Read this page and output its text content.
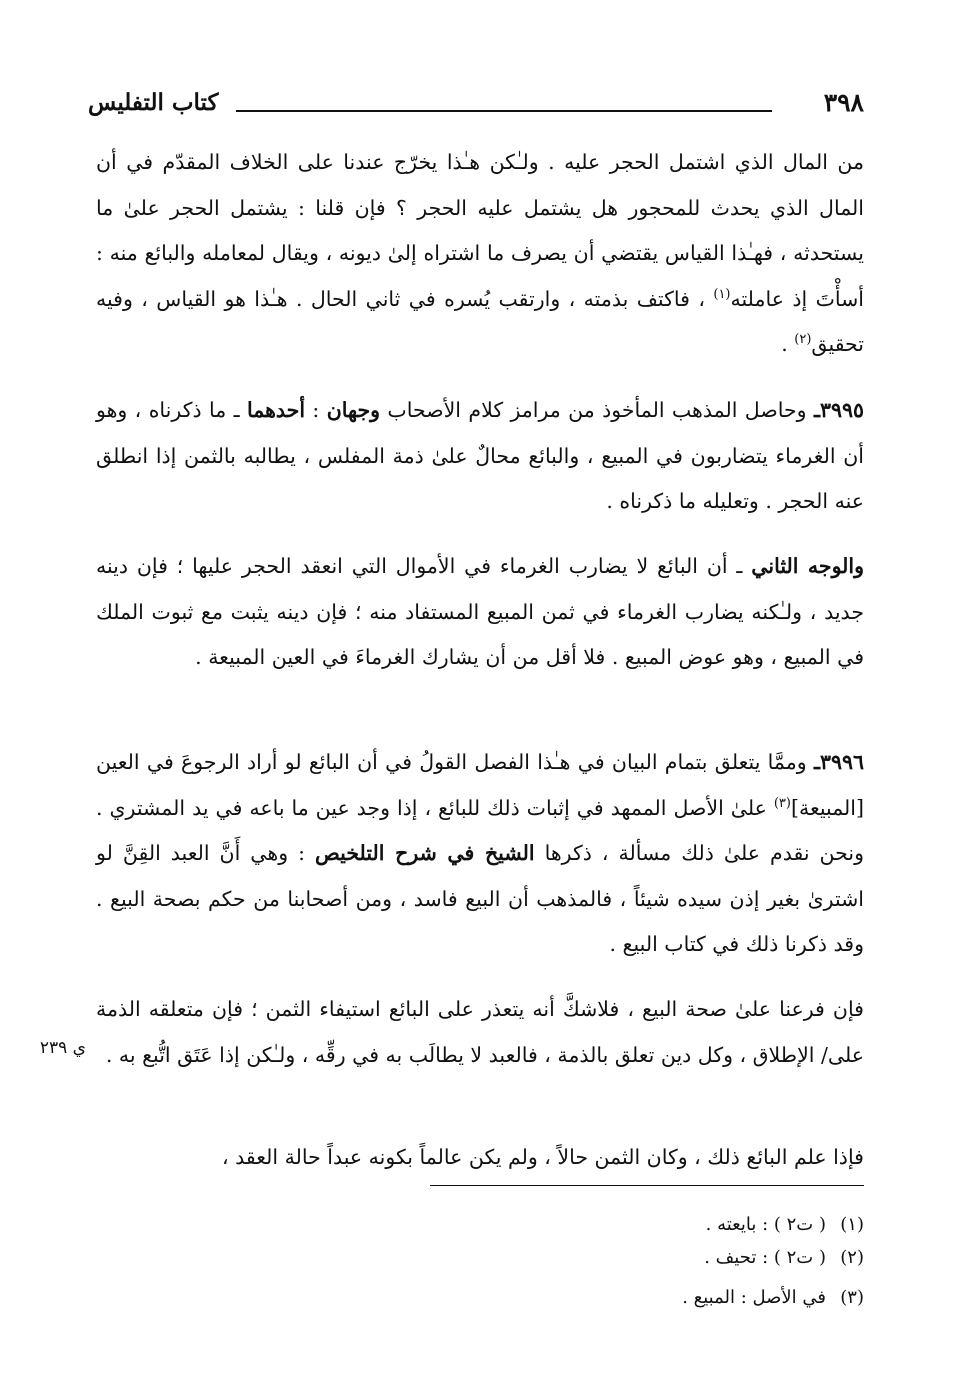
كتاب التفليس	٣٩٨

من المال الذي اشتمل الحجر عليه . ولـٰكن هـٰذا يخرّج عندنا على الخلاف المقدّم في أن المال الذي يحدث للمحجور هل يشتمل عليه الحجر ؟ فإن قلنا : يشتمل الحجر علىٰ ما يستحدثه ، فهـٰذا القياس يقتضي أن يصرف ما اشتراه إلىٰ ديونه ، ويقال لمعامله والبائع منه : أسأْتَ إذ عاملته$^{(١)}$ ، فاكتف بذمته ، وارتقب يُسره في ثاني الحال . هـٰذا هو القياس ، وفيه تحقيق$^{(٢)}$ .

٣٩٩٥ـ وحاصل المذهب المأخوذ من مرامز كلام الأصحاب وجهان : أحدهما ـ ما ذكرناه ، وهو أن الغرماء يتضاربون في المبيع ، والبائع محالٌ علىٰ ذمة المفلس ، يطالبه بالثمن إذا انطلق عنه الحجر . وتعليله ما ذكرناه .

والوجه الثاني ـ أن البائع لا يضارب الغرماء في الأموال التي انعقد الحجر عليها ؛ فإن دينه جديد ، ولـٰكنه يضارب الغرماء في ثمن المبيع المستفاد منه ؛ فإن دينه يثبت مع ثبوت الملك في المبيع ، وهو عوض المبيع . فلا أقل من أن يشارك الغرماءَ في العين المبيعة .

٣٩٩٦ـ وممَّا يتعلق بتمام البيان في هـٰذا الفصل القولُ في أن البائع لو أراد الرجوعَ في العين [المبيعة]$^{(٣)}$ علىٰ الأصل الممهد في إثبات ذلك للبائع ، إذا وجد عين ما باعه في يد المشتري . ونحن نقدم علىٰ ذلك مسألة ، ذكرها الشيخ في شرح التلخيص : وهي أَنَّ العبد القِنَّ لو اشترىٰ بغير إذن سيده شيئاً ، فالمذهب أن البيع فاسد ، ومن أصحابنا من حكم بصحة البيع . وقد ذكرنا ذلك في كتاب البيع .

فإن فرعنا علىٰ صحة البيع ، فلاشكَّ أنه يتعذر على البائع استيفاء الثمن ؛ فإن متعلقه الذمة على/ الإطلاق ، وكل دين تعلق بالذمة ، فالعبد لا يطالَب به في رقِّه ، ولـٰكن إذا عَتَق اتُّبع به .

ي ٢٣٩

فإذا علم البائع ذلك ، وكان الثمن حالاً ، ولم يكن عالماً بكونه عبداً حالة العقد ،

(١)( ت٢ ) : بايعته .

(٢)( ت٢ ) : تحيف .

(٣)في الأصل : المبيع .
